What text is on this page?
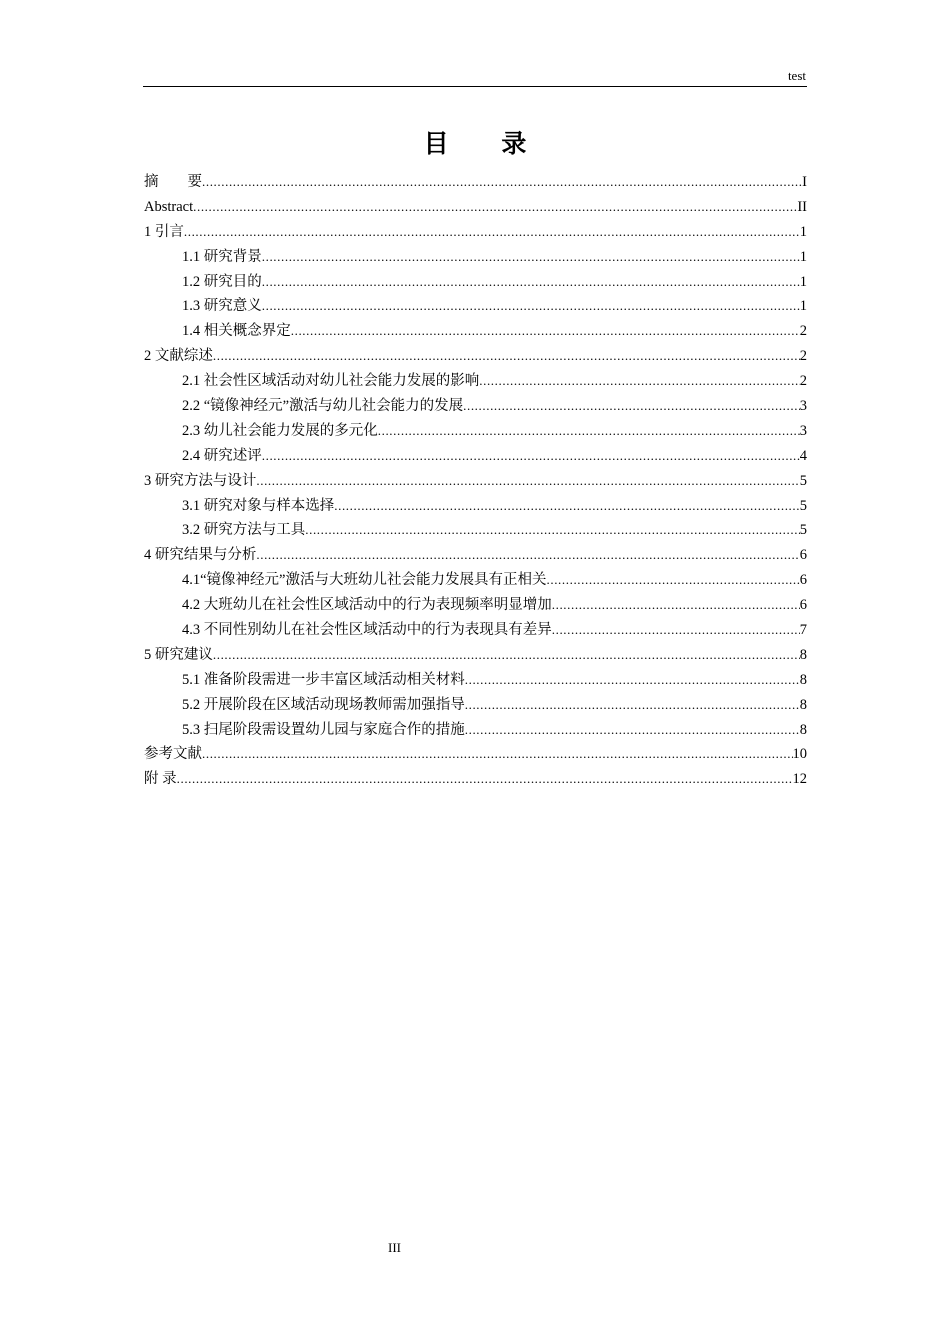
test
目 录
摘　　要 .....	I
Abstract .....	II
1 引言 .....	1
1.1 研究背景 .....	1
1.2 研究目的 .....	1
1.3 研究意义 .....	1
1.4 相关概念界定 .....	2
2 文献综述 .....	2
2.1 社会性区域活动对幼儿社会能力发展的影响 .....	2
2.2 “镜像神经元”激活与幼儿社会能力的发展 .....	3
2.3 幼儿社会能力发展的多元化 .....	3
2.4 研究述评 .....	4
3 研究方法与设计 .....	5
3.1 研究对象与样本选择 .....	5
3.2 研究方法与工具 .....	5
4 研究结果与分析 .....	6
4.1“镜像神经元”激活与大班幼儿社会能力发展具有正相关 .....	6
4.2 大班幼儿在社会性区域活动中的行为表现频率明显增加 .....	6
4.3 不同性别幼儿在社会性区域活动中的行为表现具有差异 .....	7
5 研究建议 .....	8
5.1 准备阶段需进一步丰富区域活动相关材料 .....	8
5.2 开展阶段在区域活动现场教师需加强指导 .....	8
5.3 扫尾阶段需设置幼儿园与家庭合作的措施 .....	8
参考文献 .....	10
附 录 .....	12
III
